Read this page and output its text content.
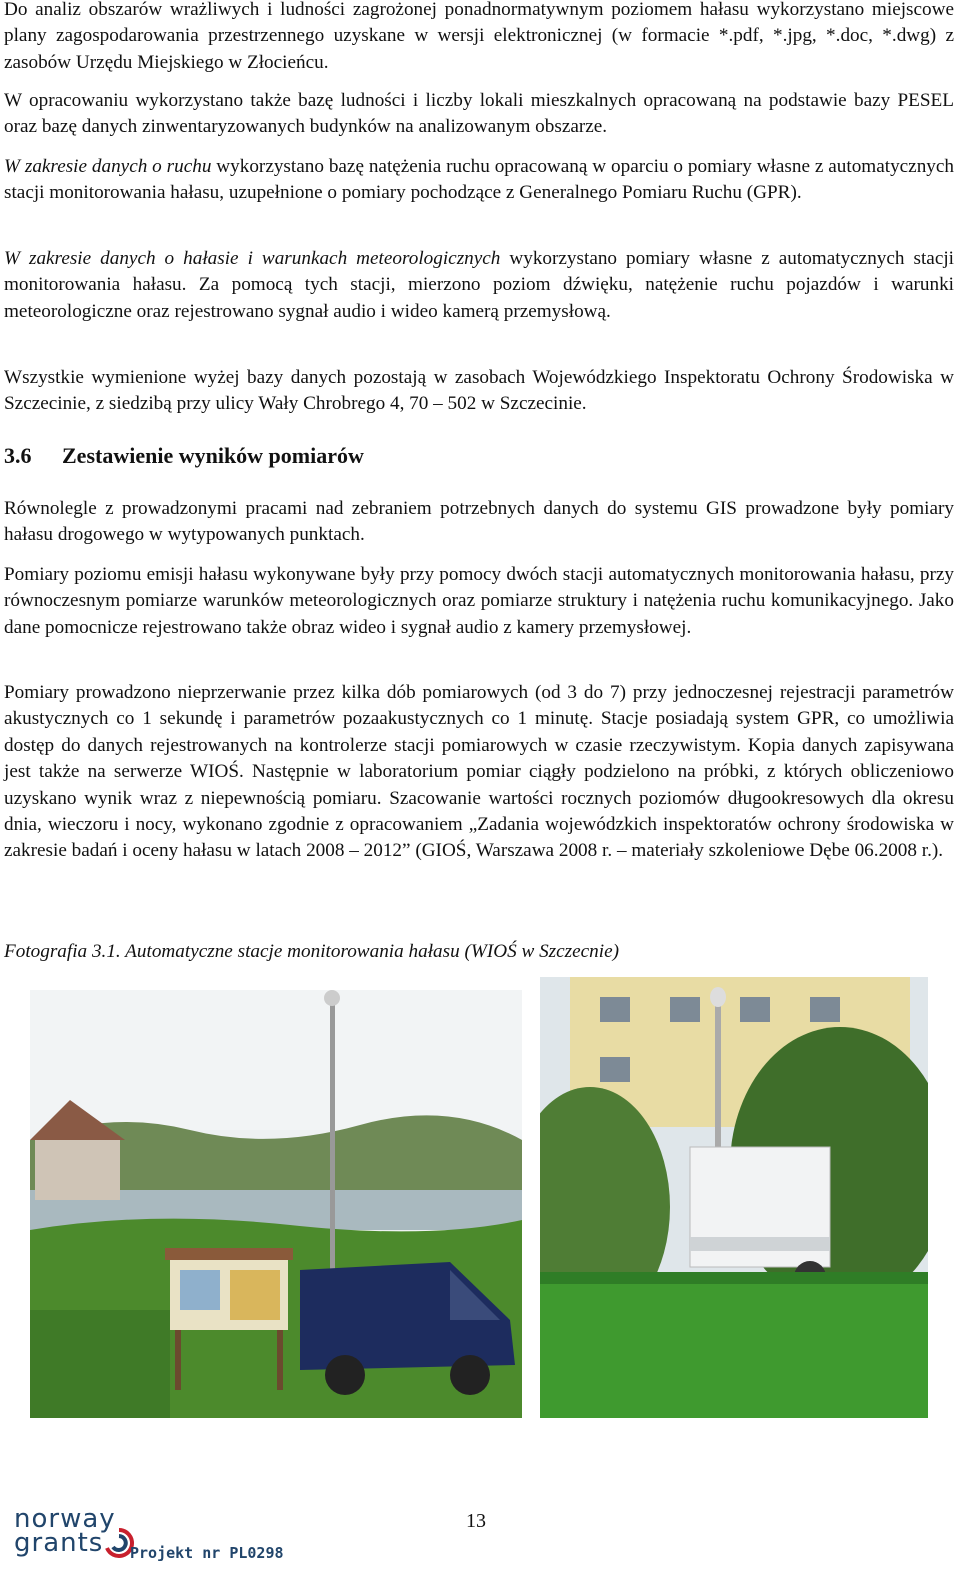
Do analiz obszarów wrażliwych i ludności zagrożonej ponadnormatywnym poziomem hałasu wykorzystano miejscowe plany zagospodarowania przestrzennego uzyskane w wersji elektronicznej (w formacie *.pdf, *.jpg, *.doc, *.dwg) z zasobów Urzędu Miejskiego w Złocieńcu.

W opracowaniu wykorzystano także bazę ludności i liczby lokali mieszkalnych opracowaną na podstawie bazy PESEL oraz bazę danych zinwentaryzowanych budynków na analizowanym obszarze.

W zakresie danych o ruchu wykorzystano bazę natężenia ruchu opracowaną w oparciu o pomiary własne z automatycznych stacji monitorowania hałasu, uzupełnione o pomiary pochodzące z Generalnego Pomiaru Ruchu (GPR).

W zakresie danych o hałasie i warunkach meteorologicznych wykorzystano pomiary własne z automatycznych stacji monitorowania hałasu. Za pomocą tych stacji, mierzono poziom dźwięku, natężenie ruchu pojazdów i warunki meteorologiczne oraz rejestrowano sygnał audio i wideo kamerą przemysłową.

Wszystkie wymienione wyżej bazy danych pozostają w zasobach Wojewódzkiego Inspektoratu Ochrony Środowiska w Szczecinie, z siedzibą przy ulicy Wały Chrobrego 4, 70 – 502 w Szczecinie.

3.6 Zestawienie wyników pomiarów

Równolegle z prowadzonymi pracami nad zebraniem potrzebnych danych do systemu GIS prowadzone były pomiary hałasu drogowego w wytypowanych punktach.

Pomiary poziomu emisji hałasu wykonywane były przy pomocy dwóch stacji automatycznych monitorowania hałasu, przy równoczesnym pomiarze warunków meteorologicznych oraz pomiarze struktury i natężenia ruchu komunikacyjnego. Jako dane pomocnicze rejestrowano także obraz wideo i sygnał audio z kamery przemysłowej.

Pomiary prowadzono nieprzerwanie przez kilka dób pomiarowych (od 3 do 7) przy jednoczesnej rejestracji parametrów akustycznych co 1 sekundę i parametrów pozaakustycznych co 1 minutę. Stacje posiadają system GPR, co umożliwia dostęp do danych rejestrowanych na kontrolerze stacji pomiarowych w czasie rzeczywistym. Kopia danych zapisywana jest także na serwerze WIOŚ. Następnie w laboratorium pomiar ciągły podzielono na próbki, z których obliczeniowo uzyskano wynik wraz z niepewnością pomiaru. Szacowanie wartości rocznych poziomów długookresowych dla okresu dnia, wieczoru i nocy, wykonano zgodnie z opracowaniem „Zadania wojewódzkich inspektoratów ochrony środowiska w zakresie badań i oceny hałasu w latach 2008 – 2012” (GIOŚ, Warszawa 2008 r. – materiały szkoleniowe Dębe 06.2008 r.).

Fotografia 3.1. Automatyczne stacje monitorowania hałasu (WIOŚ w Szczecnie)
13
norway
grants Projekt nr PL0298
